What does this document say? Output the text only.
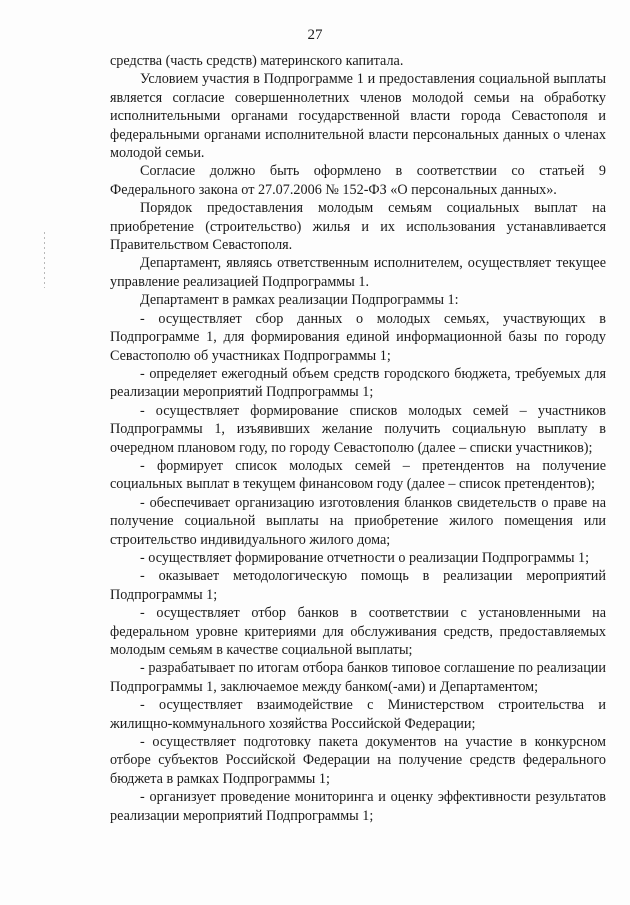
27

средства (часть средств) материнского капитала.

Условием участия в Подпрограмме 1 и предоставления социальной выплаты является согласие совершеннолетних членов молодой семьи на обработку исполнительными органами государственной власти города Севастополя и федеральными органами исполнительной власти персональных данных о членах молодой семьи.

Согласие должно быть оформлено в соответствии со статьей 9 Федерального закона от 27.07.2006 № 152-ФЗ «О персональных данных».

Порядок предоставления молодым семьям социальных выплат на приобретение (строительство) жилья и их использования устанавливается Правительством Севастополя.

Департамент, являясь ответственным исполнителем, осуществляет текущее управление реализацией Подпрограммы 1.

Департамент в рамках реализации Подпрограммы 1:

- осуществляет сбор данных о молодых семьях, участвующих в Подпрограмме 1, для формирования единой информационной базы по городу Севастополю об участниках Подпрограммы 1;

- определяет ежегодный объем средств городского бюджета, требуемых для реализации мероприятий Подпрограммы 1;

- осуществляет формирование списков молодых семей – участников Подпрограммы 1, изъявивших желание получить социальную выплату в очередном плановом году, по городу Севастополю (далее – списки участников);

- формирует список молодых семей – претендентов на получение социальных выплат в текущем финансовом году (далее – список претендентов);

- обеспечивает организацию изготовления бланков свидетельств о праве на получение социальной выплаты на приобретение жилого помещения или строительство индивидуального жилого дома;

- осуществляет формирование отчетности о реализации Подпрограммы 1;

- оказывает методологическую помощь в реализации мероприятий Подпрограммы 1;

- осуществляет отбор банков в соответствии с установленными на федеральном уровне критериями для обслуживания средств, предоставляемых молодым семьям в качестве социальной выплаты;

- разрабатывает по итогам отбора банков типовое соглашение по реализации Подпрограммы 1, заключаемое между банком(-ами) и Департаментом;

- осуществляет взаимодействие с Министерством строительства и жилищно-коммунального хозяйства Российской Федерации;

- осуществляет подготовку пакета документов на участие в конкурсном отборе субъектов Российской Федерации на получение средств федерального бюджета в рамках Подпрограммы 1;

- организует проведение мониторинга и оценку эффективности результатов реализации мероприятий Подпрограммы 1;
